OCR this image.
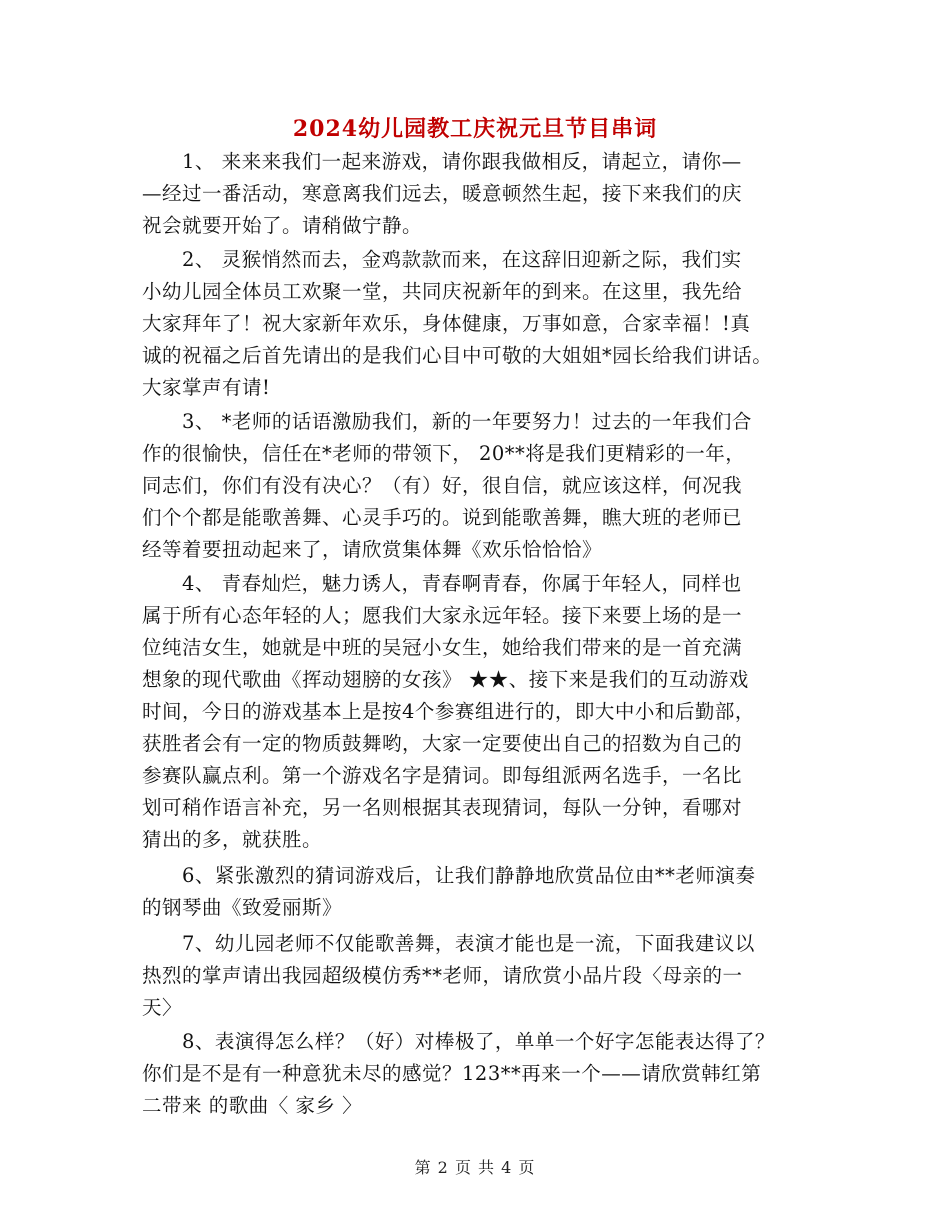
2024幼儿园教工庆祝元旦节目串词
　　1、 来来来我们一起来游戏，请你跟我做相反，请起立，请你—
—经过一番活动，寒意离我们远去，暖意顿然生起，接下来我们的庆
祝会就要开始了。请稍做宁静。
　　2、 灵猴悄然而去，金鸡款款而来，在这辞旧迎新之际，我们实
小幼儿园全体员工欢聚一堂，共同庆祝新年的到来。在这里，我先给
大家拜年了！祝大家新年欢乐，身体健康，万事如意，合家幸福！!真
诚的祝福之后首先请出的是我们心目中可敬的大姐姐*园长给我们讲话。
大家掌声有请!
　　3、 *老师的话语激励我们，新的一年要努力！过去的一年我们合
作的很愉快，信任在*老师的带领下， 20**将是我们更精彩的一年，
同志们，你们有没有决心？（有）好，很自信，就应该这样，何况我
们个个都是能歌善舞、心灵手巧的。说到能歌善舞，瞧大班的老师已
经等着要扭动起来了，请欣赏集体舞《欢乐恰恰恰》
　　4、 青春灿烂，魅力诱人，青春啊青春，你属于年轻人，同样也
属于所有心态年轻的人；愿我们大家永远年轻。接下来要上场的是一
位纯洁女生，她就是中班的吴冠小女生，她给我们带来的是一首充满
想象的现代歌曲《挥动翅膀的女孩》 ★★、接下来是我们的互动游戏
时间，今日的游戏基本上是按4个参赛组进行的，即大中小和后勤部，
获胜者会有一定的物质鼓舞哟，大家一定要使出自己的招数为自己的
参赛队赢点利。第一个游戏名字是猜词。即每组派两名选手，一名比
划可稍作语言补充，另一名则根据其表现猜词，每队一分钟，看哪对
猜出的多，就获胜。
　　6、紧张激烈的猜词游戏后，让我们静静地欣赏品位由**老师演奏
的钢琴曲《致爱丽斯》
　　7、幼儿园老师不仅能歌善舞，表演才能也是一流，下面我建议以
热烈的掌声请出我园超级模仿秀**老师，请欣赏小品片段〈母亲的一
天〉
　　8、表演得怎么样？（好）对棒极了，单单一个好字怎能表达得了？
你们是不是有一种意犹未尽的感觉？123**再来一个——请欣赏韩红第
二带来 的歌曲〈 家乡 〉
第 2 页 共 4 页
